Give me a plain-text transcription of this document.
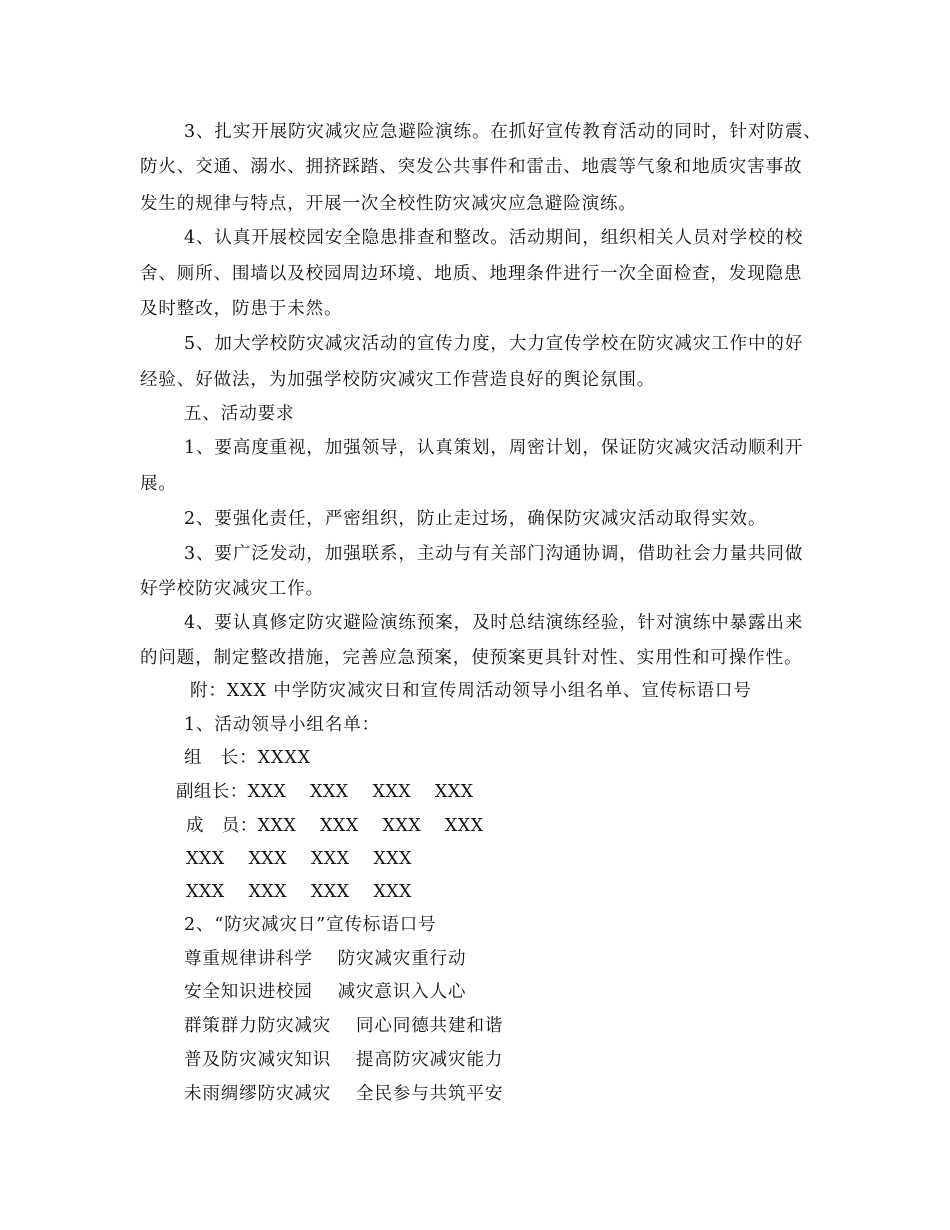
3、扎实开展防灾减灾应急避险演练。在抓好宣传教育活动的同时，针对防震、
防火、交通、溺水、拥挤踩踏、突发公共事件和雷击、地震等气象和地质灾害事故
发生的规律与特点，开展一次全校性防灾减灾应急避险演练。
4、认真开展校园安全隐患排查和整改。活动期间，组织相关人员对学校的校
舍、厕所、围墙以及校园周边环境、地质、地理条件进行一次全面检查，发现隐患
及时整改，防患于未然。
5、加大学校防灾减灾活动的宣传力度，大力宣传学校在防灾减灾工作中的好
经验、好做法，为加强学校防灾减灾工作营造良好的舆论氛围。
五、活动要求
1、要高度重视，加强领导，认真策划，周密计划，保证防灾减灾活动顺利开
展。
2、要强化责任，严密组织，防止走过场，确保防灾减灾活动取得实效。
3、要广泛发动，加强联系，主动与有关部门沟通协调，借助社会力量共同做
好学校防灾减灾工作。
4、要认真修定防灾避险演练预案，及时总结演练经验，针对演练中暴露出来
的问题，制定整改措施，完善应急预案，使预案更具针对性、实用性和可操作性。
附：XXX 中学防灾减灾日和宣传周活动领导小组名单、宣传标语口号
1、活动领导小组名单：
组　长：XXXX
副组长：XXX　 XXX　 XXX　 XXX
成　员：XXX　 XXX　 XXX　 XXX
XXX　 XXX　 XXX　 XXX
XXX　 XXX　 XXX　 XXX
2、“防灾减灾日”宣传标语口号
尊重规律讲科学　 防灾减灾重行动
安全知识进校园　 减灾意识入人心
群策群力防灾减灾　 同心同德共建和谐
普及防灾减灾知识　 提高防灾减灾能力
未雨绸缪防灾减灾　 全民参与共筑平安
